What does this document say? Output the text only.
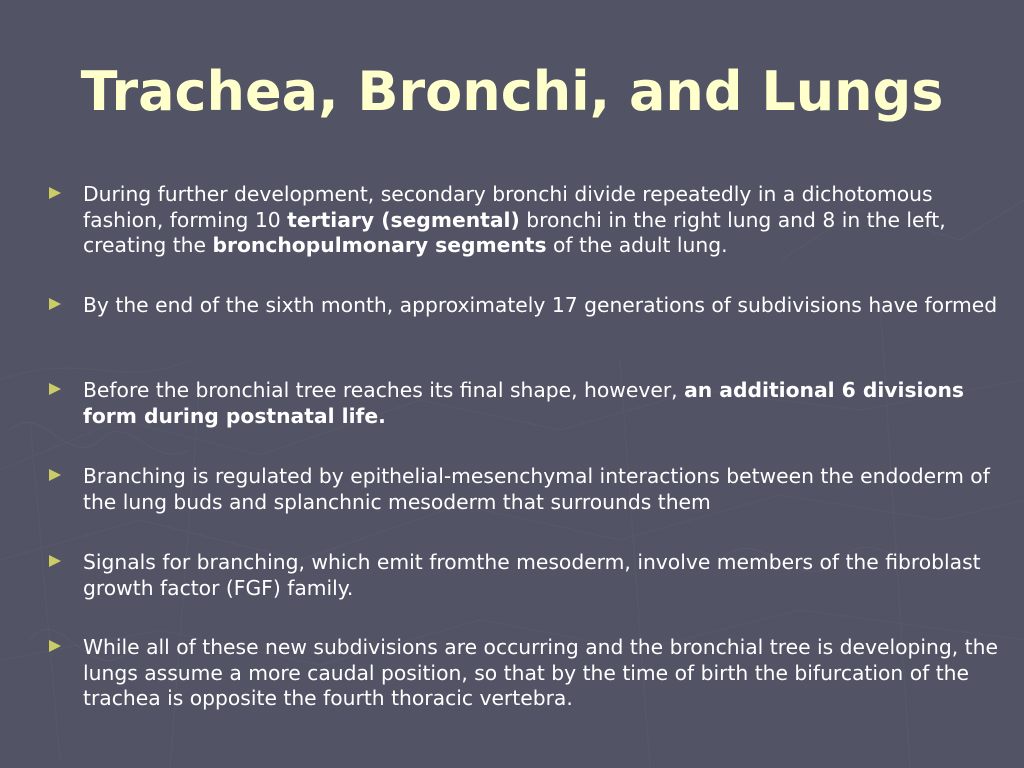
Trachea, Bronchi, and Lungs

During further development, secondary bronchi divide repeatedly in a dichotomous fashion, forming 10 tertiary (segmental) bronchi in the right lung and 8 in the left, creating the bronchopulmonary segments of the adult lung.

By the end of the sixth month, approximately 17 generations of subdivisions have formed

Before the bronchial tree reaches its final shape, however, an additional 6 divisions form during postnatal life.

Branching is regulated by epithelial-mesenchymal interactions between the endoderm of the lung buds and splanchnic mesoderm that surrounds them

Signals for branching, which emit fromthe mesoderm, involve members of the fibroblast growth factor (FGF) family.

While all of these new subdivisions are occurring and the bronchial tree is developing, the lungs assume a more caudal position, so that by the time of birth the bifurcation of the trachea is opposite the fourth thoracic vertebra.
